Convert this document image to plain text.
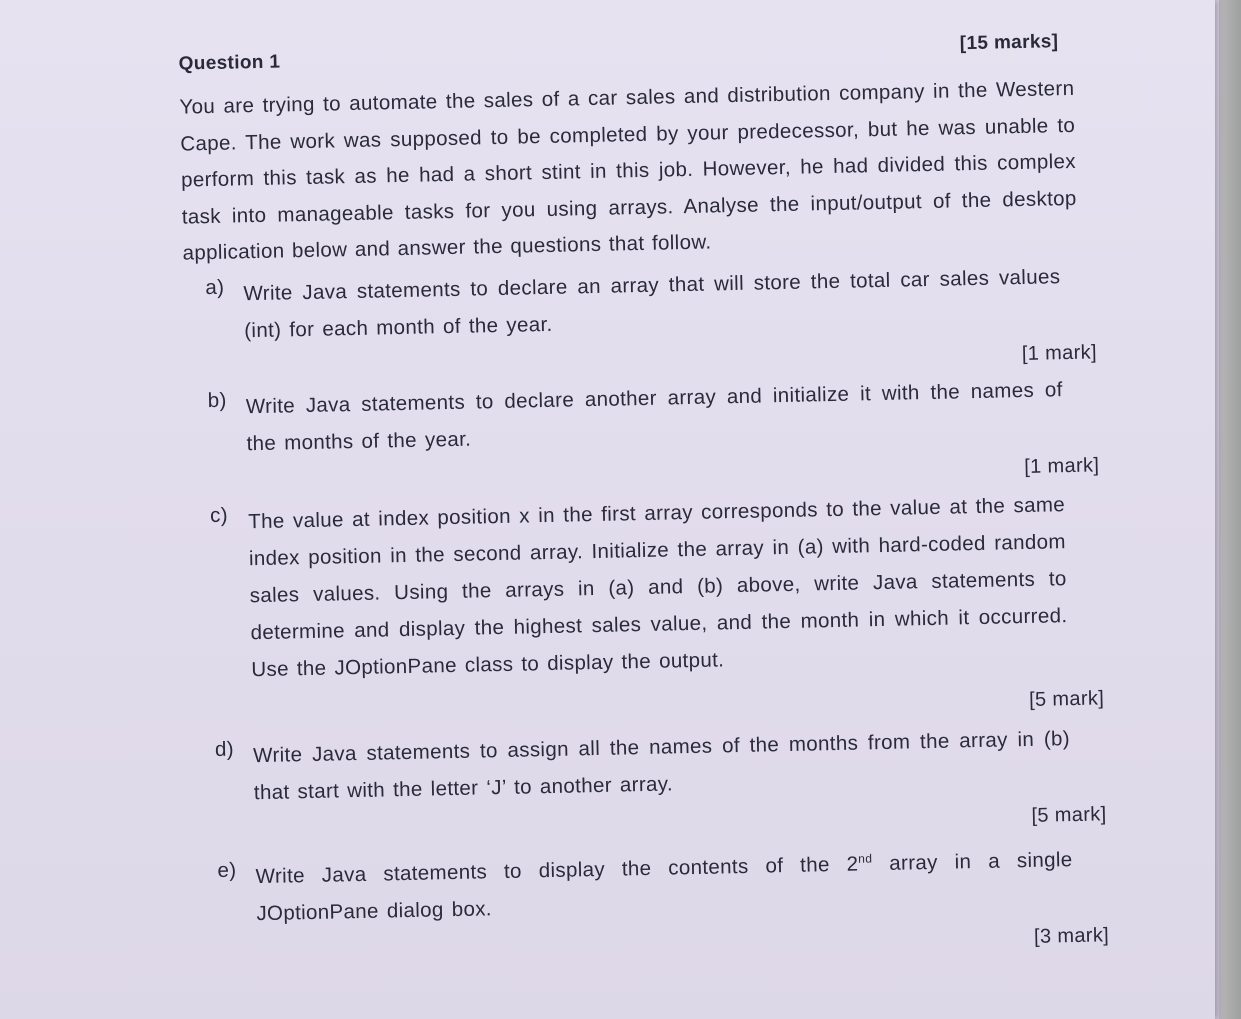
Question 1
[15 marks]
You are trying to automate the sales of a car sales and distribution company in the Western Cape. The work was supposed to be completed by your predecessor, but he was unable to perform this task as he had a short stint in this job. However, he had divided this complex task into manageable tasks for you using arrays. Analyse the input/output of the desktop application below and answer the questions that follow.
a) Write Java statements to declare an array that will store the total car sales values (int) for each month of the year.
[1 mark]
b) Write Java statements to declare another array and initialize it with the names of the months of the year.
[1 mark]
c) The value at index position x in the first array corresponds to the value at the same index position in the second array. Initialize the array in (a) with hard-coded random sales values. Using the arrays in (a) and (b) above, write Java statements to determine and display the highest sales value, and the month in which it occurred. Use the JOptionPane class to display the output.
[5 mark]
d) Write Java statements to assign all the names of the months from the array in (b) that start with the letter ‘J’ to another array.
[5 mark]
e) Write Java statements to display the contents of the 2nd array in a single JOptionPane dialog box.
[3 mark]
